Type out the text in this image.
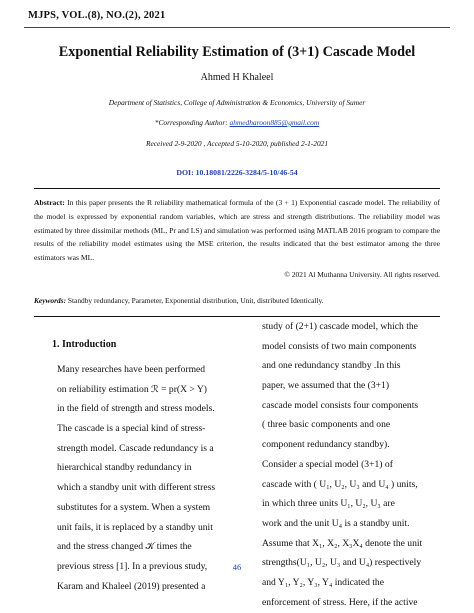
MJPS, VOL.(8), NO.(2), 2021
Exponential Reliability Estimation of (3+1) Cascade Model
Ahmed H Khaleel
Department of Statistics, College of Administration & Economics, University of Sumer
*Corresponding Author: ahmedharoon885@gmail.com
Received 2-9-2020 , Accepted 5-10-2020, published 2-1-2021
DOI: 10.18081/2226-3284/5-10/46-54
Abstract: In this paper presents the R reliability mathematical formula of the (3 + 1) Exponential cascade model. The reliability of the model is expressed by exponential random variables, which are stress and strength distributions. The reliability model was estimated by three dissimilar methods (ML, Pr and LS) and simulation was performed using MATLAB 2016 program to compare the results of the reliability model estimates using the MSE criterion, the results indicated that the best estimator among the three estimators was ML.
© 2021 Al Muthanna University. All rights reserved.
Keywords: Standby redundancy, Parameter, Exponential distribution, Unit, distributed Identically.
1. Introduction
Many researches have been performed
on reliability estimation ℛ = pr(X > Y)
in the field of strength and stress models.
The cascade is a special kind of stress-
strength model. Cascade redundancy is a
hierarchical standby redundancy in
which a standby unit with different stress
substitutes for a system. When a system
unit fails, it is replaced by a standby unit
and the stress changed 𝒦 times the
previous stress [1]. In a previous study,
Karam and Khaleel (2019) presented a
study of (2+1) cascade model, which the
model consists of two main components
and one redundancy standby .In this
paper, we assumed that the (3+1)
cascade model consists four components
( three basic components and one
component redundancy standby).
Consider a special model (3+1) of
cascade with ( U₁, U₂, U₃ and U₄ ) units,
in which three units U₁, U₂, U₃ are
work and the unit U₄ is a standby unit.
Assume that X₁, X₂, X₃X₄ denote the unit
strengths(U₁, U₂, U₃ and U₄) respectively
and Y₁, Y₂, Y₃, Y₄ indicated the
enforcement of stress. Here, if the active
46
